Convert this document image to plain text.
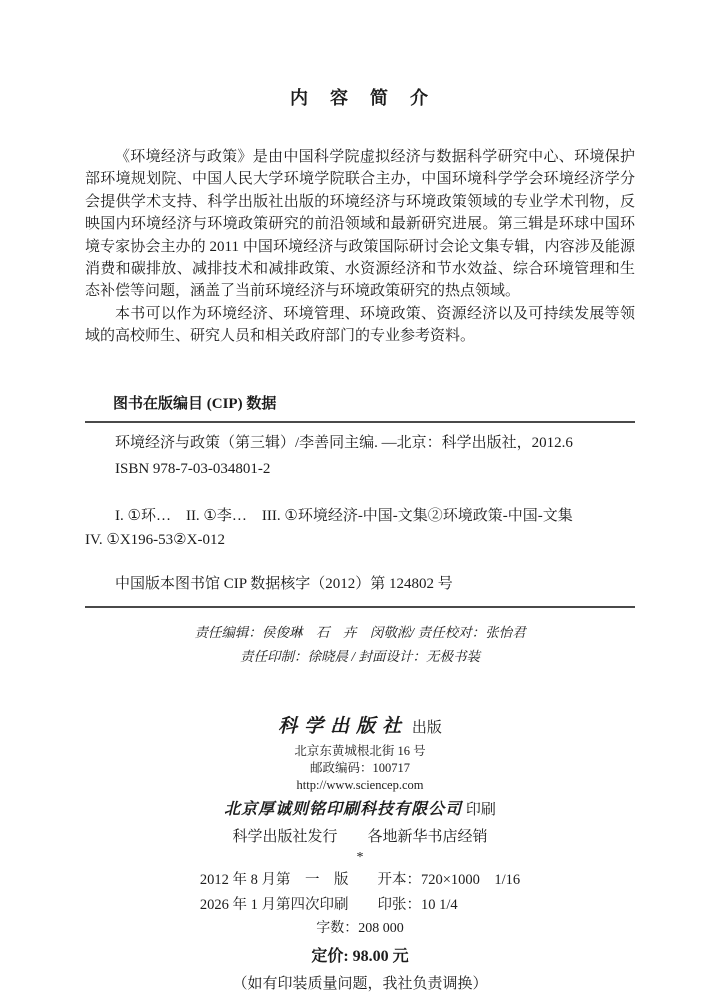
内　容　简　介

《环境经济与政策》是由中国科学院虚拟经济与数据科学研究中心、环境保护部环境规划院、中国人民大学环境学院联合主办，中国环境科学学会环境经济学分会提供学术支持、科学出版社出版的环境经济与环境政策领域的专业学术刊物，反映国内环境经济与环境政策研究的前沿领域和最新研究进展。第三辑是环球中国环境专家协会主办的 2011 中国环境经济与政策国际研讨会论文集专辑，内容涉及能源消费和碳排放、减排技术和减排政策、水资源经济和节水效益、综合环境管理和生态补偿等问题，涵盖了当前环境经济与环境政策研究的热点领域。

本书可以作为环境经济、环境管理、环境政策、资源经济以及可持续发展等领域的高校师生、研究人员和相关政府部门的专业参考资料。

图书在版编目 (CIP) 数据
环境经济与政策（第三辑）/李善同主编. —北京：科学出版社，2012.6
ISBN 978-7-03-034801-2
I. ①环…　II. ①李…　III. ①环境经济-中国-文集②环境政策-中国-文集
IV. ①X196-53②X-012
中国版本图书馆 CIP 数据核字（2012）第 124802 号
责任编辑：侯俊琳　石　卉　闵敬淞/ 责任校对：张怡君
责任印制：徐晓晨 / 封面设计：无极书装
科学出版社 出版
北京东黄城根北街 16 号
邮政编码：100717
http://www.sciencep.com
北京厚诚则铭印刷科技有限公司 印刷
科学出版社发行　　各地新华书店经销
*
2012 年 8 月第　一　版　　开本：720×1000　1/16
2026 年 1 月第四次印刷　　印张：10 1/4
字数：208 000
定价: 98.00 元
（如有印装质量问题，我社负责调换）
